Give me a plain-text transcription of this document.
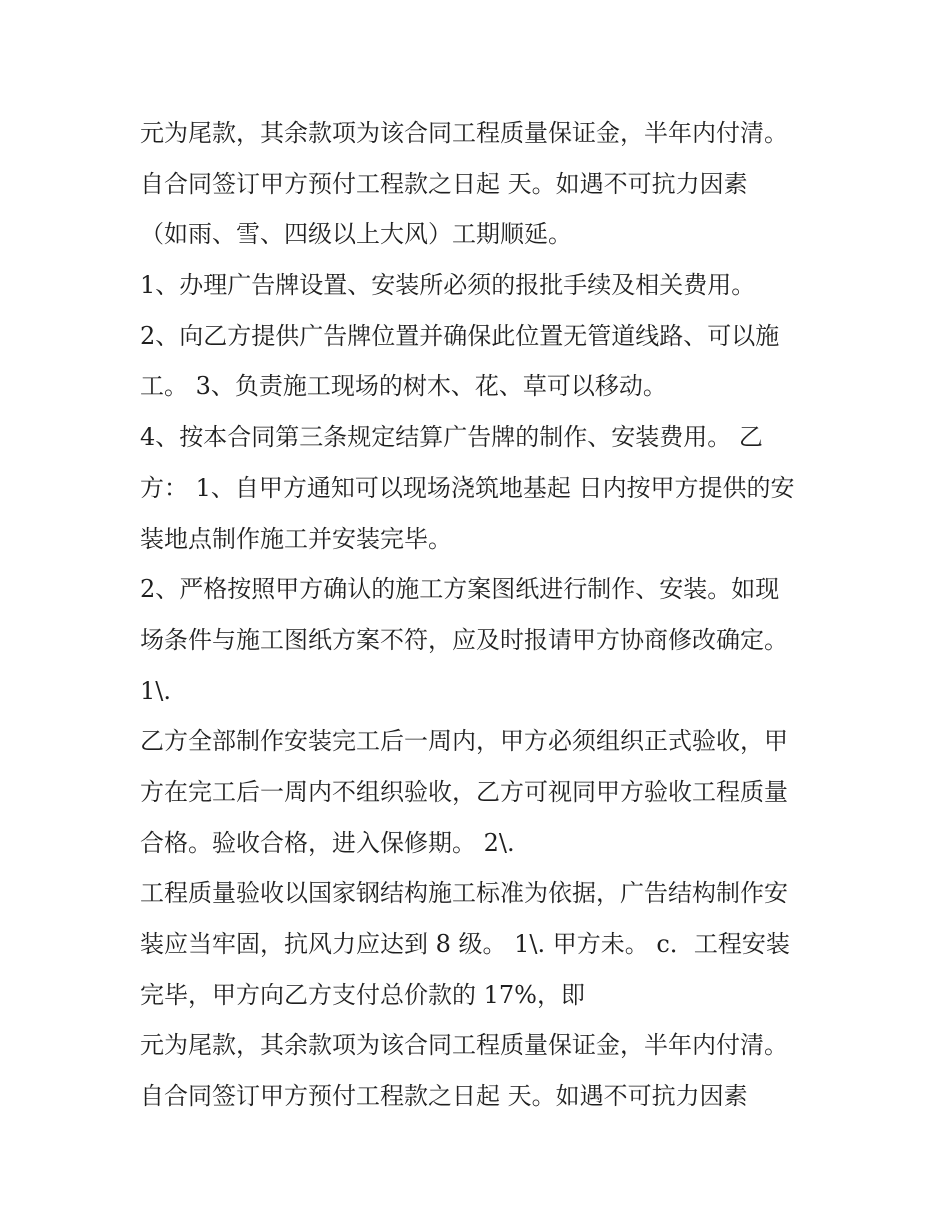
元为尾款，其余款项为该合同工程质量保证金，半年内付清。
自合同签订甲方预付工程款之日起 天。如遇不可抗力因素
（如雨、雪、四级以上大风）工期顺延。
1、办理广告牌设置、安装所必须的报批手续及相关费用。
2、向乙方提供广告牌位置并确保此位置无管道线路、可以施
工。 3、负责施工现场的树木、花、草可以移动。
4、按本合同第三条规定结算广告牌的制作、安装费用。 乙
方： 1、自甲方通知可以现场浇筑地基起 日内按甲方提供的安
装地点制作施工并安装完毕。
2、严格按照甲方确认的施工方案图纸进行制作、安装。如现
场条件与施工图纸方案不符，应及时报请甲方协商修改确定。
1\.
乙方全部制作安装完工后一周内，甲方必须组织正式验收，甲
方在完工后一周内不组织验收，乙方可视同甲方验收工程质量
合格。验收合格，进入保修期。 2\.
工程质量验收以国家钢结构施工标准为依据，广告结构制作安
装应当牢固，抗风力应达到 8 级。 1\. 甲方未。 c．工程安装
完毕，甲方向乙方支付总价款的 17%，即
元为尾款，其余款项为该合同工程质量保证金，半年内付清。
自合同签订甲方预付工程款之日起 天。如遇不可抗力因素
